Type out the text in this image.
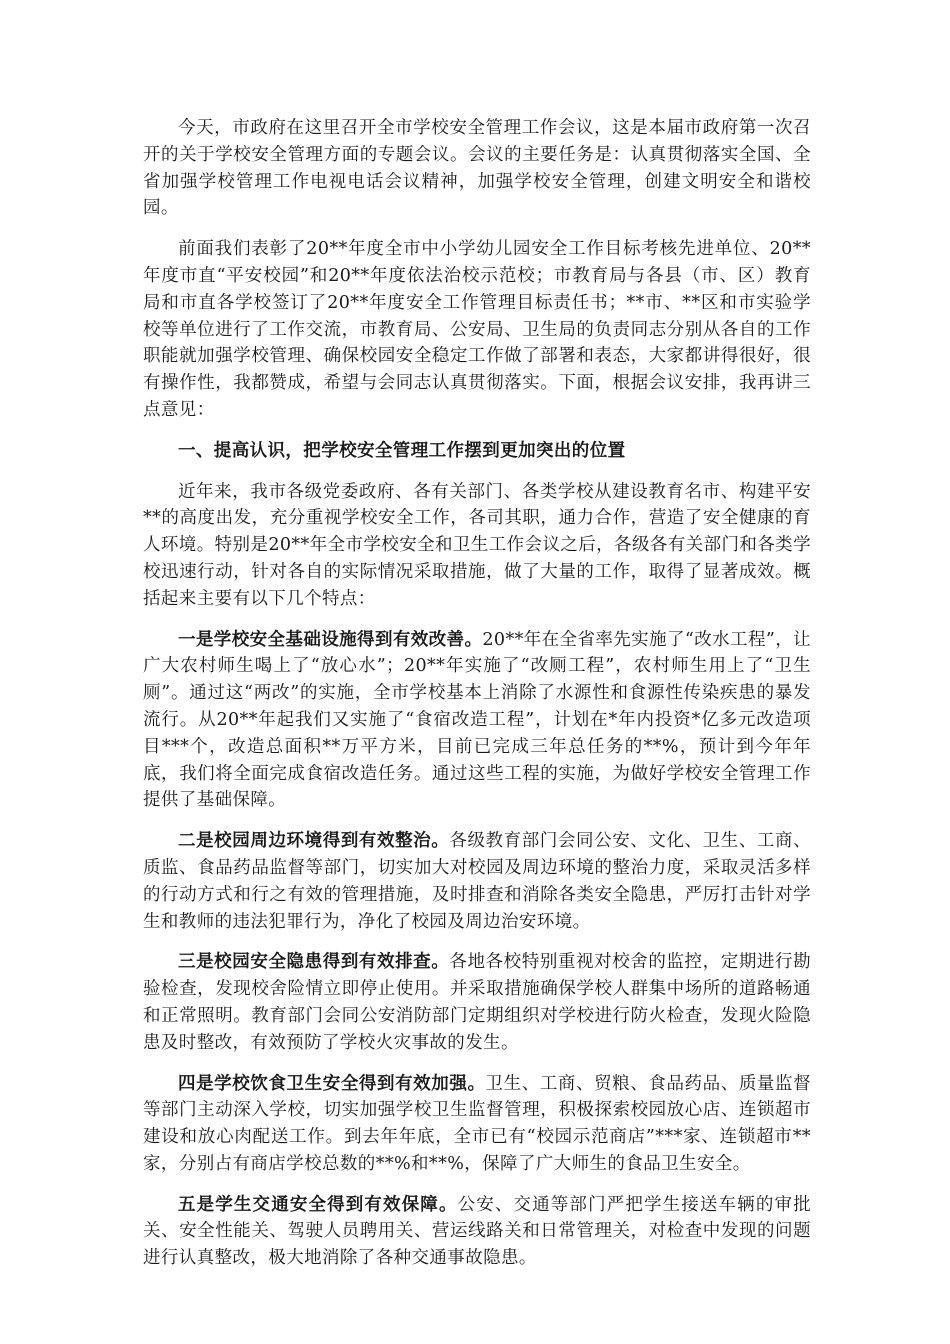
今天，市政府在这里召开全市学校安全管理工作会议，这是本届市政府第一次召开的关于学校安全管理方面的专题会议。会议的主要任务是：认真贯彻落实全国、全省加强学校管理工作电视电话会议精神，加强学校安全管理，创建文明安全和谐校园。

前面我们表彰了20**年度全市中小学幼儿园安全工作目标考核先进单位、20**年度市直“平安校园”和20**年度依法治校示范校；市教育局与各县（市、区）教育局和市直各学校签订了20**年度安全工作管理目标责任书；**市、**区和市实验学校等单位进行了工作交流，市教育局、公安局、卫生局的负责同志分别从各自的工作职能就加强学校管理、确保校园安全稳定工作做了部署和表态，大家都讲得很好，很有操作性，我都赞成，希望与会同志认真贯彻落实。下面，根据会议安排，我再讲三点意见：

一、提高认识，把学校安全管理工作摆到更加突出的位置

近年来，我市各级党委政府、各有关部门、各类学校从建设教育名市、构建平安**的高度出发，充分重视学校安全工作，各司其职，通力合作，营造了安全健康的育人环境。特别是20**年全市学校安全和卫生工作会议之后，各级各有关部门和各类学校迅速行动，针对各自的实际情况采取措施，做了大量的工作，取得了显著成效。概括起来主要有以下几个特点：

一是学校安全基础设施得到有效改善。20**年在全省率先实施了“改水工程”，让广大农村师生喝上了“放心水”；20**年实施了“改厕工程”，农村师生用上了“卫生厕”。通过这“两改”的实施，全市学校基本上消除了水源性和食源性传染疾患的暴发流行。从20**年起我们又实施了“食宿改造工程”，计划在*年内投资*亿多元改造项目***个，改造总面积**万平方米，目前已完成三年总任务的**%，预计到今年年底，我们将全面完成食宿改造任务。通过这些工程的实施，为做好学校安全管理工作提供了基础保障。

二是校园周边环境得到有效整治。各级教育部门会同公安、文化、卫生、工商、质监、食品药品监督等部门，切实加大对校园及周边环境的整治力度，采取灵活多样的行动方式和行之有效的管理措施，及时排查和消除各类安全隐患，严厉打击针对学生和教师的违法犯罪行为，净化了校园及周边治安环境。

三是校园安全隐患得到有效排查。各地各校特别重视对校舍的监控，定期进行勘验检查，发现校舍险情立即停止使用。并采取措施确保学校人群集中场所的道路畅通和正常照明。教育部门会同公安消防部门定期组织对学校进行防火检查，发现火险隐患及时整改，有效预防了学校火灾事故的发生。

四是学校饮食卫生安全得到有效加强。卫生、工商、贸粮、食品药品、质量监督等部门主动深入学校，切实加强学校卫生监督管理，积极探索校园放心店、连锁超市建设和放心肉配送工作。到去年年底，全市已有“校园示范商店”***家、连锁超市**家，分别占有商店学校总数的**%和**%，保障了广大师生的食品卫生安全。

五是学生交通安全得到有效保障。公安、交通等部门严把学生接送车辆的审批关、安全性能关、驾驶人员聘用关、营运线路关和日常管理关，对检查中发现的问题进行认真整改，极大地消除了各种交通事故隐患。
